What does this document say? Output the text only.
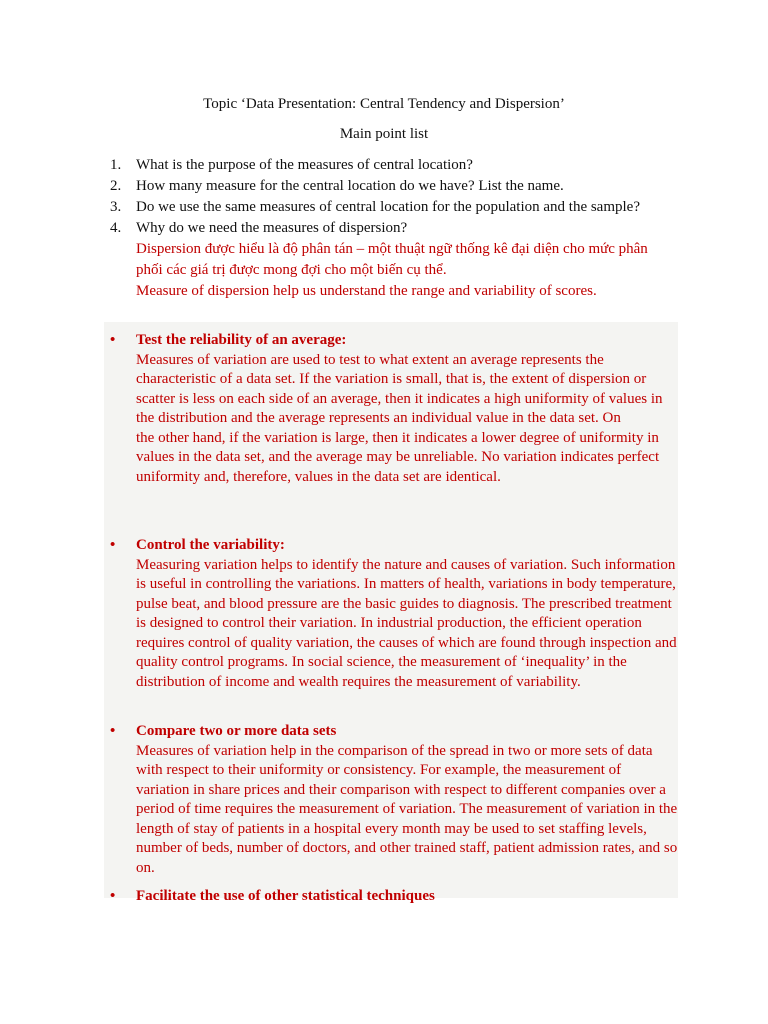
Topic ‘Data Presentation: Central Tendency and Dispersion’
Main point list
1. What is the purpose of the measures of central location?
2. How many measure for the central location do we have? List the name.
3. Do we use the same measures of central location for the population and the sample?
4. Why do we need the measures of dispersion?
Dispersion được hiểu là độ phân tán – một thuật ngữ thống kê đại diện cho mức phân phối các giá trị được mong đợi cho một biến cụ thể.
Measure of dispersion help us understand the range and variability of scores.
• Test the reliability of an average:

Measures of variation are used to test to what extent an average represents the characteristic of a data set. If the variation is small, that is, the extent of dispersion or scatter is less on each side of an average, then it indicates a high uniformity of values in the distribution and the average represents an individual value in the data set. On

the other hand, if the variation is large, then it indicates a lower degree of uniformity in values in the data set, and the average may be unreliable. No variation indicates perfect uniformity and, therefore, values in the data set are identical.

• Control the variability:

Measuring variation helps to identify the nature and causes of variation. Such information is useful in controlling the variations. In matters of health, variations in body temperature, pulse beat, and blood pressure are the basic guides to diagnosis. The prescribed treatment is designed to control their variation. In industrial production, the efficient operation requires control of quality variation, the causes of which are found through inspection and quality control programs. In social science, the measurement of ‘inequality’ in the distribution of income and wealth requires the measurement of variability.

• Compare two or more data sets

Measures of variation help in the comparison of the spread in two or more sets of data with respect to their uniformity or consistency. For example, the measurement of variation in share prices and their comparison with respect to different companies over a period of time requires the measurement of variation. The measurement of variation in the length of stay of patients in a hospital every month may be used to set staffing levels, number of beds, number of doctors, and other trained staff, patient admission rates, and so on.

• Facilitate the use of other statistical techniques
